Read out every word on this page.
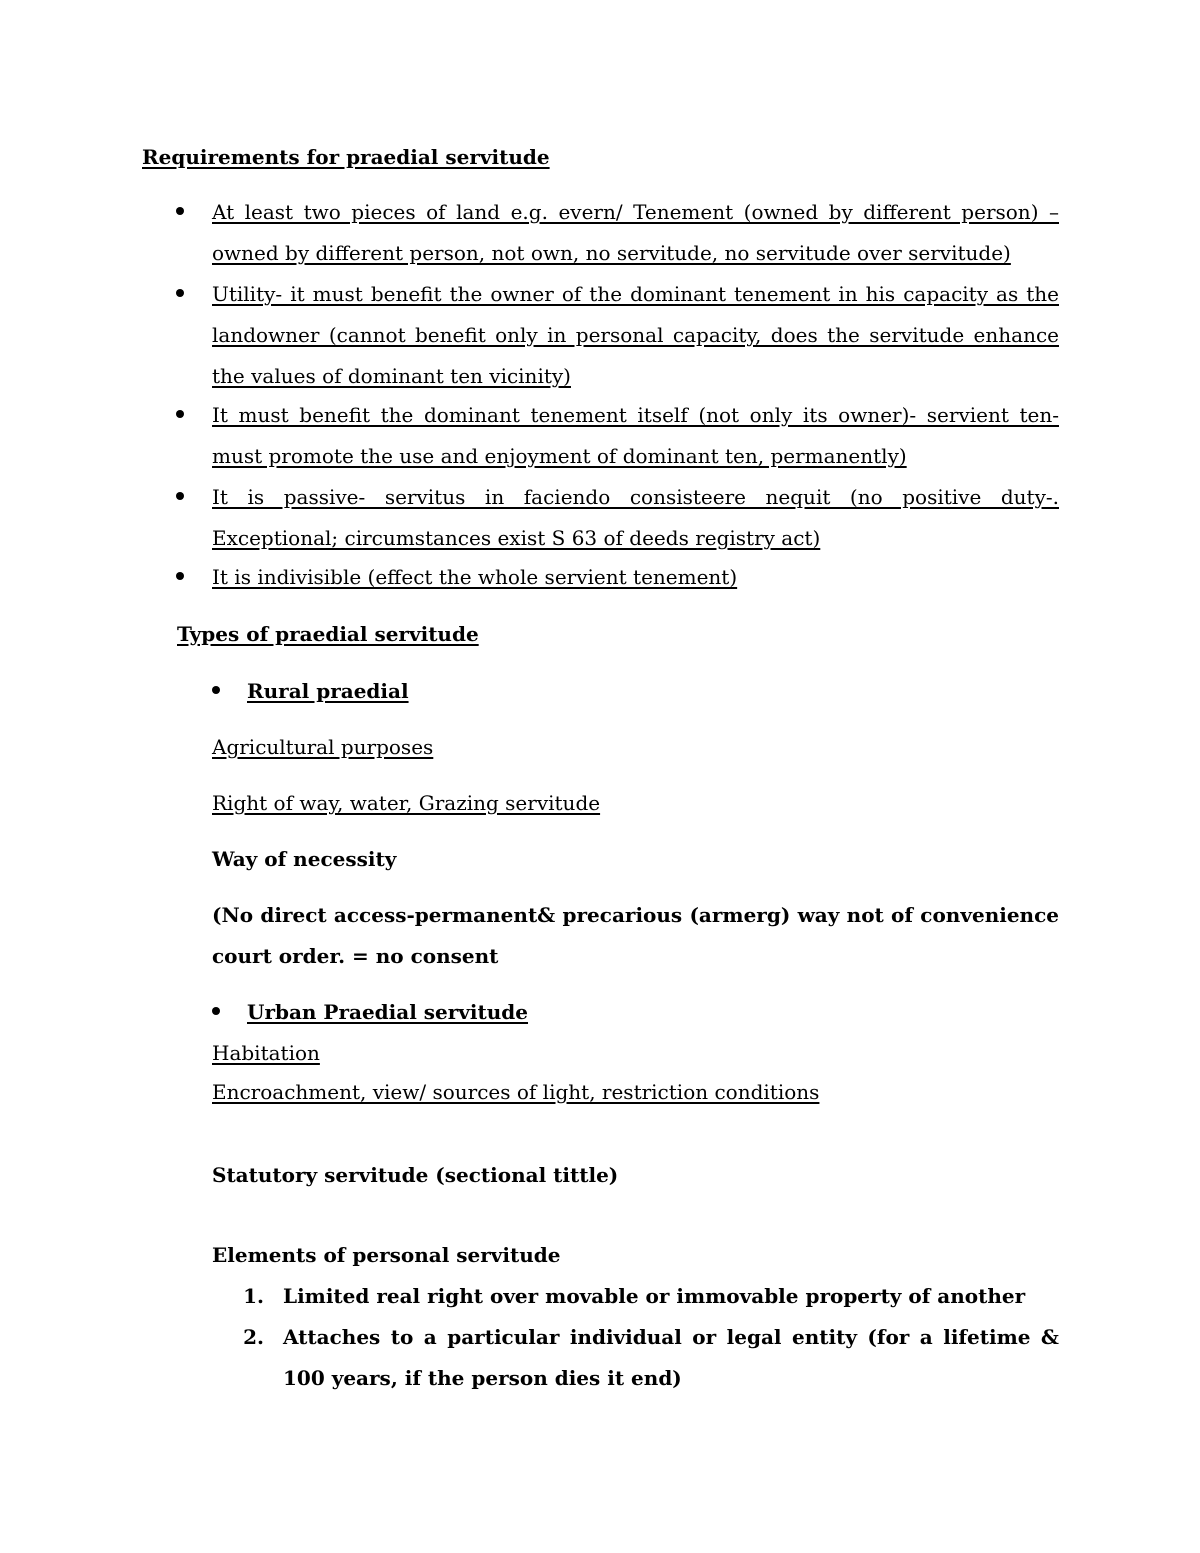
Requirements for praedial servitude
At least two pieces of land e.g. evern/ Tenement (owned by different person) – owned by different person, not own, no servitude, no servitude over servitude)
Utility- it must benefit the owner of the dominant tenement in his capacity as the landowner (cannot benefit only in personal capacity, does the servitude enhance the values of dominant ten vicinity)
It must benefit the dominant tenement itself (not only its owner)- servient ten- must promote the use and enjoyment of dominant ten, permanently)
It is passive- servitus in faciendo consisteere nequit (no positive duty-. Exceptional; circumstances exist S 63 of deeds registry act)
It is indivisible (effect the whole servient tenement)
Types of praedial servitude
Rural praedial
Agricultural purposes
Right of way, water, Grazing servitude
Way of necessity
(No direct access-permanent& precarious (armerg) way not of convenience court order. = no consent
Urban Praedial servitude
Habitation
Encroachment, view/ sources of light, restriction conditions
Statutory servitude (sectional tittle)
Elements of personal servitude
1. Limited real right over movable or immovable property of another
2. Attaches to a particular individual or legal entity (for a lifetime & 100 years, if the person dies it end)
